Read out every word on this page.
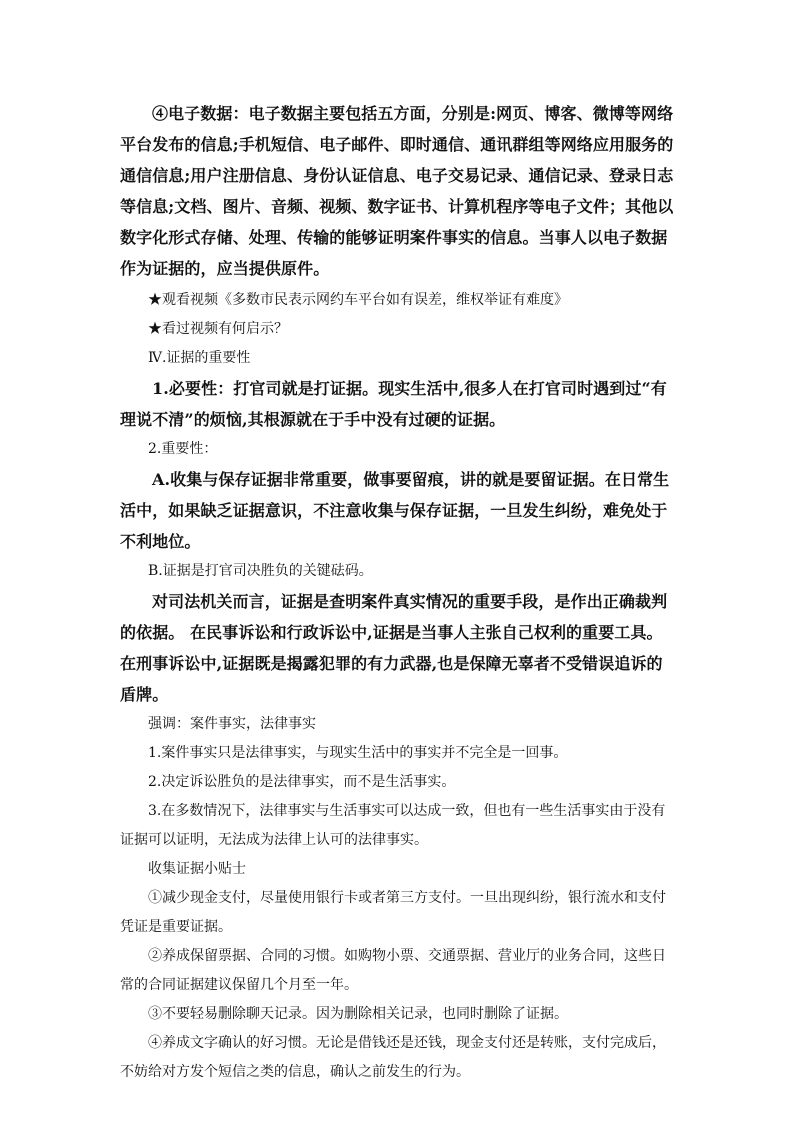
④电子数据：电子数据主要包括五方面，分别是:网页、博客、微博等网络平台发布的信息;手机短信、电子邮件、即时通信、通讯群组等网络应用服务的通信信息;用户注册信息、身份认证信息、电子交易记录、通信记录、登录日志等信息;文档、图片、音频、视频、数字证书、计算机程序等电子文件；其他以数字化形式存储、处理、传输的能够证明案件事实的信息。当事人以电子数据作为证据的，应当提供原件。

★观看视频《多数市民表示网约车平台如有误差，维权举证有难度》

★看过视频有何启示？

Ⅳ.证据的重要性

1.必要性：打官司就是打证据。现实生活中,很多人在打官司时遇到过“有理说不清”的烦恼,其根源就在于手中没有过硬的证据。

2.重要性：

A.收集与保存证据非常重要，做事要留痕，讲的就是要留证据。在日常生活中，如果缺乏证据意识，不注意收集与保存证据，一旦发生纠纷，难免处于不利地位。

B.证据是打官司决胜负的关键砝码。

对司法机关而言，证据是查明案件真实情况的重要手段，是作出正确裁判的依据。 在民事诉讼和行政诉讼中,证据是当事人主张自己权利的重要工具。在刑事诉讼中,证据既是揭露犯罪的有力武器,也是保障无辜者不受错误追诉的盾牌。

强调：案件事实，法律事实

1.案件事实只是法律事实，与现实生活中的事实并不完全是一回事。

2.决定诉讼胜负的是法律事实，而不是生活事实。

3.在多数情况下，法律事实与生活事实可以达成一致，但也有一些生活事实由于没有证据可以证明，无法成为法律上认可的法律事实。

收集证据小贴士

①减少现金支付，尽量使用银行卡或者第三方支付。一旦出现纠纷，银行流水和支付凭证是重要证据。

②养成保留票据、合同的习惯。如购物小票、交通票据、营业厅的业务合同，这些日常的合同证据建议保留几个月至一年。

③不要轻易删除聊天记录。因为删除相关记录，也同时删除了证据。

④养成文字确认的好习惯。无论是借钱还是还钱，现金支付还是转账，支付完成后，不妨给对方发个短信之类的信息，确认之前发生的行为。
